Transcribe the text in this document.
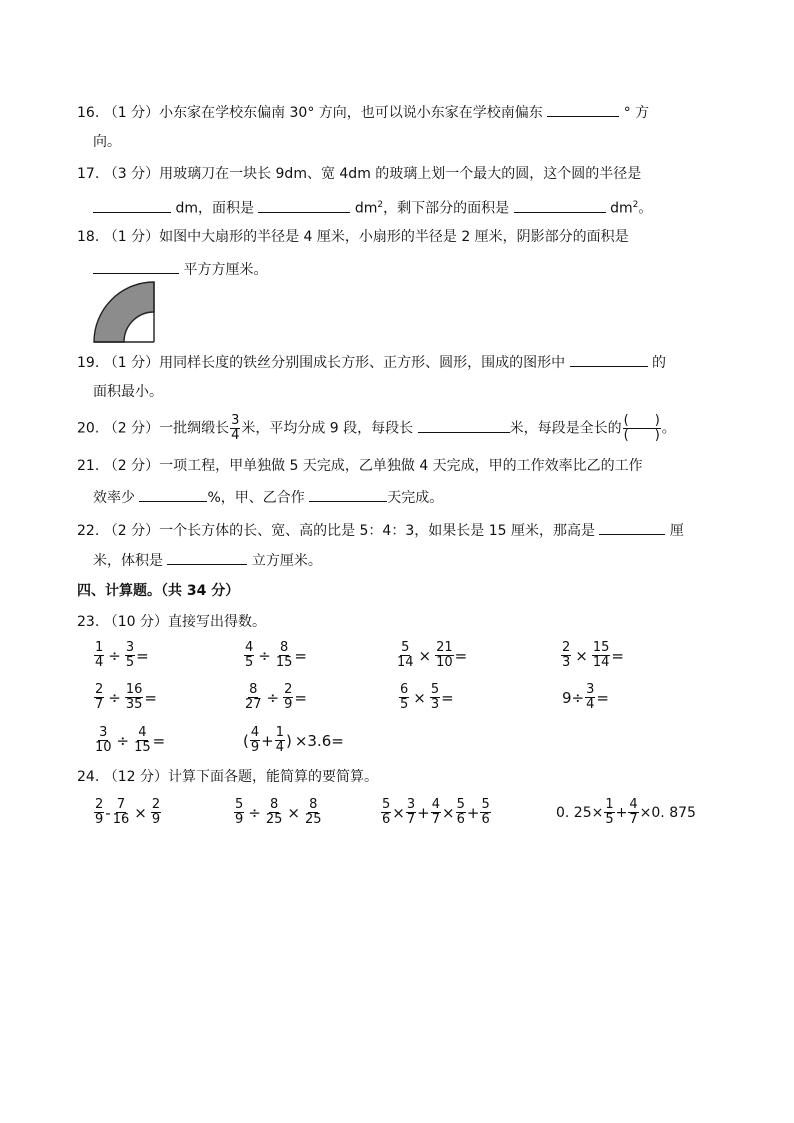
16. （1 分）小东家在学校东偏南 30° 方向，也可以说小东家在学校南偏东	° 方
向。
17. （3 分）用玻璃刀在一块长 9dm、宽 4dm 的玻璃上划一个最大的圆，这个圆的半径是
dm，面积是	$dm^2$，剩下部分的面积是	$dm^2$。
18. （1 分）如图中大扇形的半径是 4 厘米，小扇形的半径是 2 厘米，阴影部分的面积是
平方方厘米。
19. （1 分）用同样长度的铁丝分别围成长方形、正方形、圆形，围成的图形中	的
面积最小。
20. （2 分）一批绸缎长 $\frac{3}{4}$ 米，平均分成 9 段，每段长	米，每段是全长的 $\frac{( )}{( )}$ 。
21. （2 分）一项工程，甲单独做 5 天完成，乙单独做 4 天完成，甲的工作效率比乙的工作
效率少	%，甲、乙合作	天完成。
22. （2 分）一个长方体的长、宽、高的比是 5：4：3，如果长是 15 厘米，那高是	厘
米，体积是	立方厘米。
四、计算题。（共 34 分）
23. （10 分）直接写出得数。
$\frac{1}{4} \div \frac{3}{5}$ =	$\frac{4}{5} \div \frac{8}{15}$ =	$\frac{5}{14} \times \frac{21}{10}$ =	$\frac{2}{3} \times \frac{15}{14}$ =
$\frac{2}{7} \div \frac{16}{35}$ =	$\frac{8}{27} \div \frac{2}{9}$ =	$\frac{6}{5} \times \frac{5}{3}$ =	$9\div \frac{3}{4}$ =
$\frac{3}{10} \div \frac{4}{15}$ =	( $\frac{4}{9} + \frac{1}{4}$ ) ×3.6=
24. （12 分）计算下面各题，能简算的要简算。
$\frac{2}{9} - \frac{7}{16} \times \frac{2}{9}$	$\frac{5}{9} \div \frac{8}{25} \times \frac{8}{25}$	$\frac{5}{6} \times \frac{3}{7} + \frac{4}{7} \times \frac{5}{6} + \frac{5}{6}$	0. $25\times \frac{1}{5} + \frac{4}{7} \times 0$. 875
